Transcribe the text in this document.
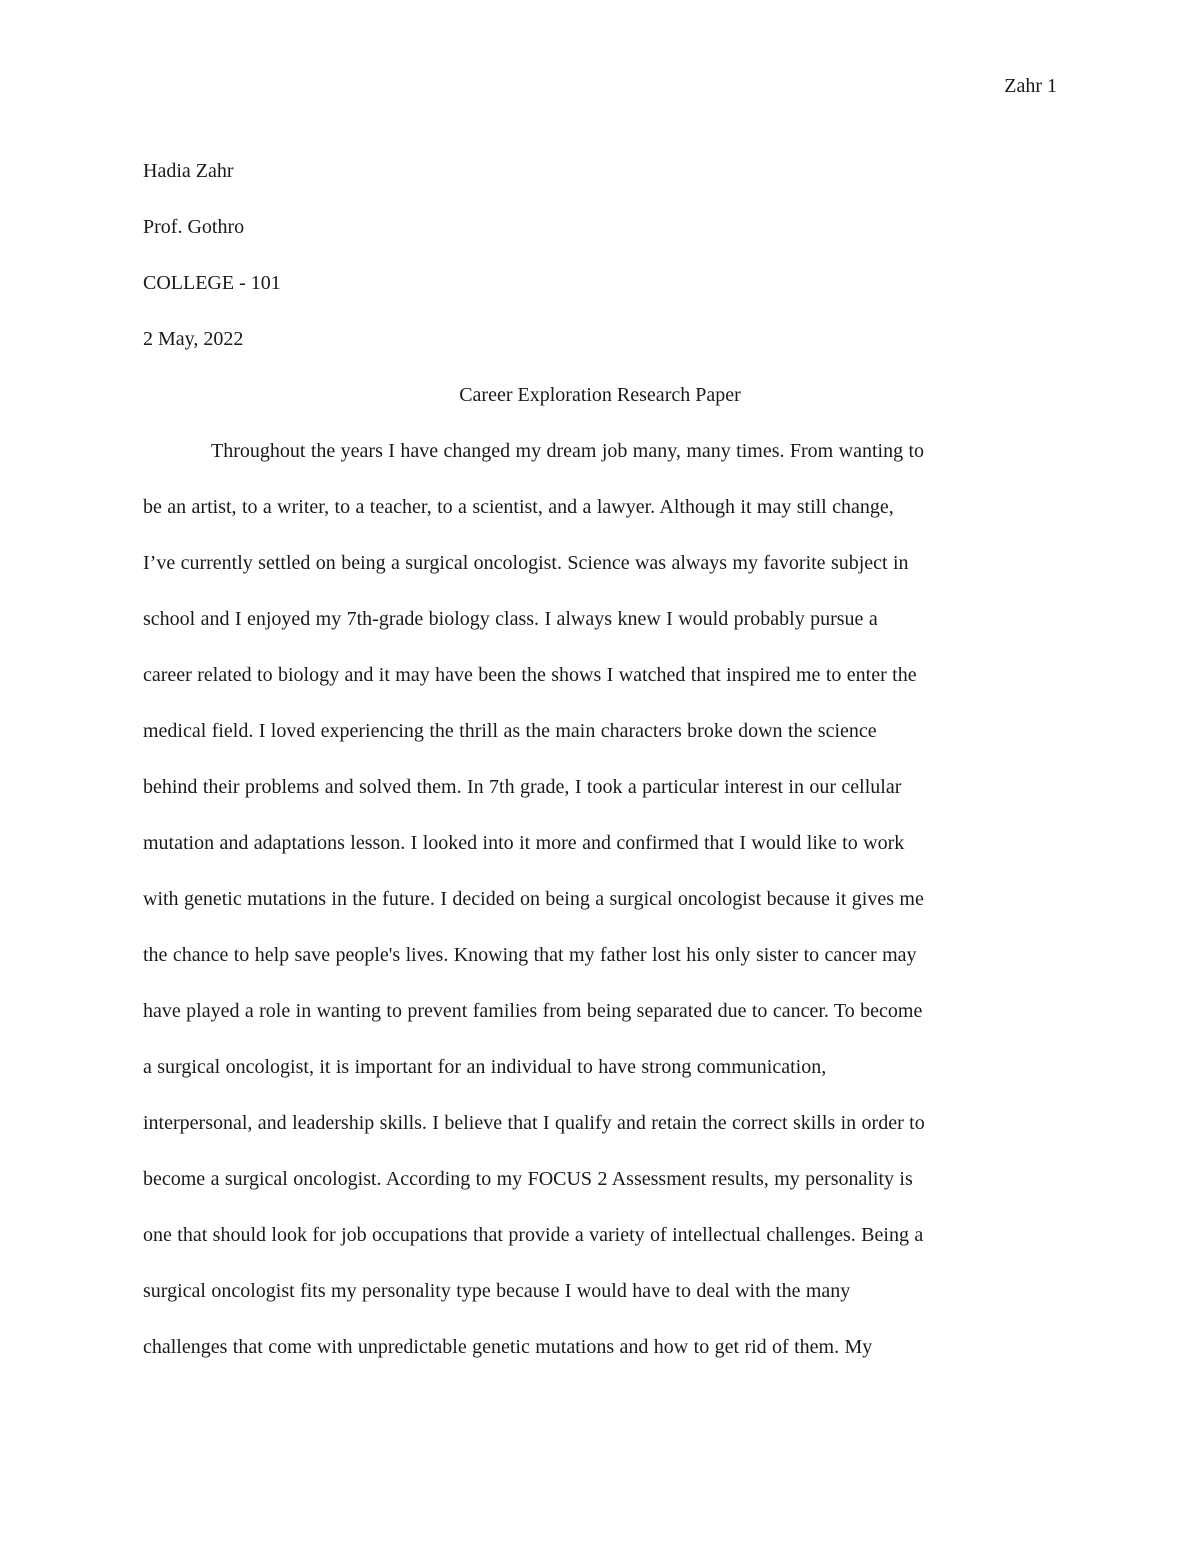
Zahr 1
Hadia Zahr
Prof. Gothro
COLLEGE - 101
2 May, 2022
Career Exploration Research Paper
Throughout the years I have changed my dream job many, many times. From wanting to
be an artist, to a writer, to a teacher, to a scientist, and a lawyer. Although it may still change,
I’ve currently settled on being a surgical oncologist. Science was always my favorite subject in
school and I enjoyed my 7th-grade biology class. I always knew I would probably pursue a
career related to biology and it may have been the shows I watched that inspired me to enter the
medical field. I loved experiencing the thrill as the main characters broke down the science
behind their problems and solved them. In 7th grade, I took a particular interest in our cellular
mutation and adaptations lesson. I looked into it more and confirmed that I would like to work
with genetic mutations in the future. I decided on being a surgical oncologist because it gives me
the chance to help save people's lives. Knowing that my father lost his only sister to cancer may
have played a role in wanting to prevent families from being separated due to cancer. To become
a surgical oncologist, it is important for an individual to have strong communication,
interpersonal, and leadership skills. I believe that I qualify and retain the correct skills in order to
become a surgical oncologist. According to my FOCUS 2 Assessment results, my personality is
one that should look for job occupations that provide a variety of intellectual challenges. Being a
surgical oncologist fits my personality type because I would have to deal with the many
challenges that come with unpredictable genetic mutations and how to get rid of them. My
